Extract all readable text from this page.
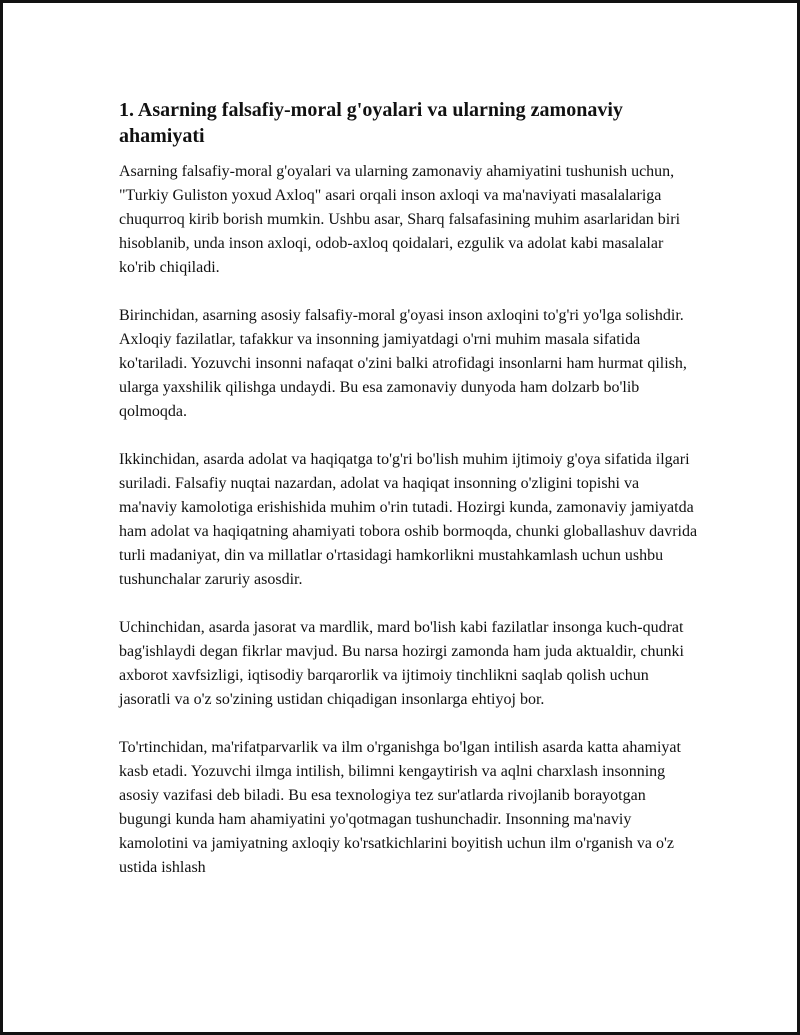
1. Asarning falsafiy-moral g'oyalari va ularning zamonaviy ahamiyati

Asarning falsafiy-moral g'oyalari va ularning zamonaviy ahamiyatini tushunish uchun, "Turkiy Guliston yoxud Axloq" asari orqali inson axloqi va ma'naviyati masalalariga chuqurroq kirib borish mumkin. Ushbu asar, Sharq falsafasining muhim asarlaridan biri hisoblanib, unda inson axloqi, odob-axloq qoidalari, ezgulik va adolat kabi masalalar ko'rib chiqiladi.

Birinchidan, asarning asosiy falsafiy-moral g'oyasi inson axloqini to'g'ri yo'lga solishdir. Axloqiy fazilatlar, tafakkur va insonning jamiyatdagi o'rni muhim masala sifatida ko'tariladi. Yozuvchi insonni nafaqat o'zini balki atrofidagi insonlarni ham hurmat qilish, ularga yaxshilik qilishga undaydi. Bu esa zamonaviy dunyoda ham dolzarb bo'lib qolmoqda.

Ikkinchidan, asarda adolat va haqiqatga to'g'ri bo'lish muhim ijtimoiy g'oya sifatida ilgari suriladi. Falsafiy nuqtai nazardan, adolat va haqiqat insonning o'zligini topishi va ma'naviy kamolotiga erishishida muhim o'rin tutadi. Hozirgi kunda, zamonaviy jamiyatda ham adolat va haqiqatning ahamiyati tobora oshib bormoqda, chunki globallashuv davrida turli madaniyat, din va millatlar o'rtasidagi hamkorlikni mustahkamlash uchun ushbu tushunchalar zaruriy asosdir.

Uchinchidan, asarda jasorat va mardlik, mard bo'lish kabi fazilatlar insonga kuch-qudrat bag'ishlaydi degan fikrlar mavjud. Bu narsa hozirgi zamonda ham juda aktualdir, chunki axborot xavfsizligi, iqtisodiy barqarorlik va ijtimoiy tinchlikni saqlab qolish uchun jasoratli va o'z so'zining ustidan chiqadigan insonlarga ehtiyoj bor.

To'rtinchidan, ma'rifatparvarlik va ilm o'rganishga bo'lgan intilish asarda katta ahamiyat kasb etadi. Yozuvchi ilmga intilish, bilimni kengaytirish va aqlni charxlash insonning asosiy vazifasi deb biladi. Bu esa texnologiya tez sur'atlarda rivojlanib borayotgan bugungi kunda ham ahamiyatini yo'qotmagan tushunchadir. Insonning ma'naviy kamolotini va jamiyatning axloqiy ko'rsatkichlarini boyitish uchun ilm o'rganish va o'z ustida ishlash
